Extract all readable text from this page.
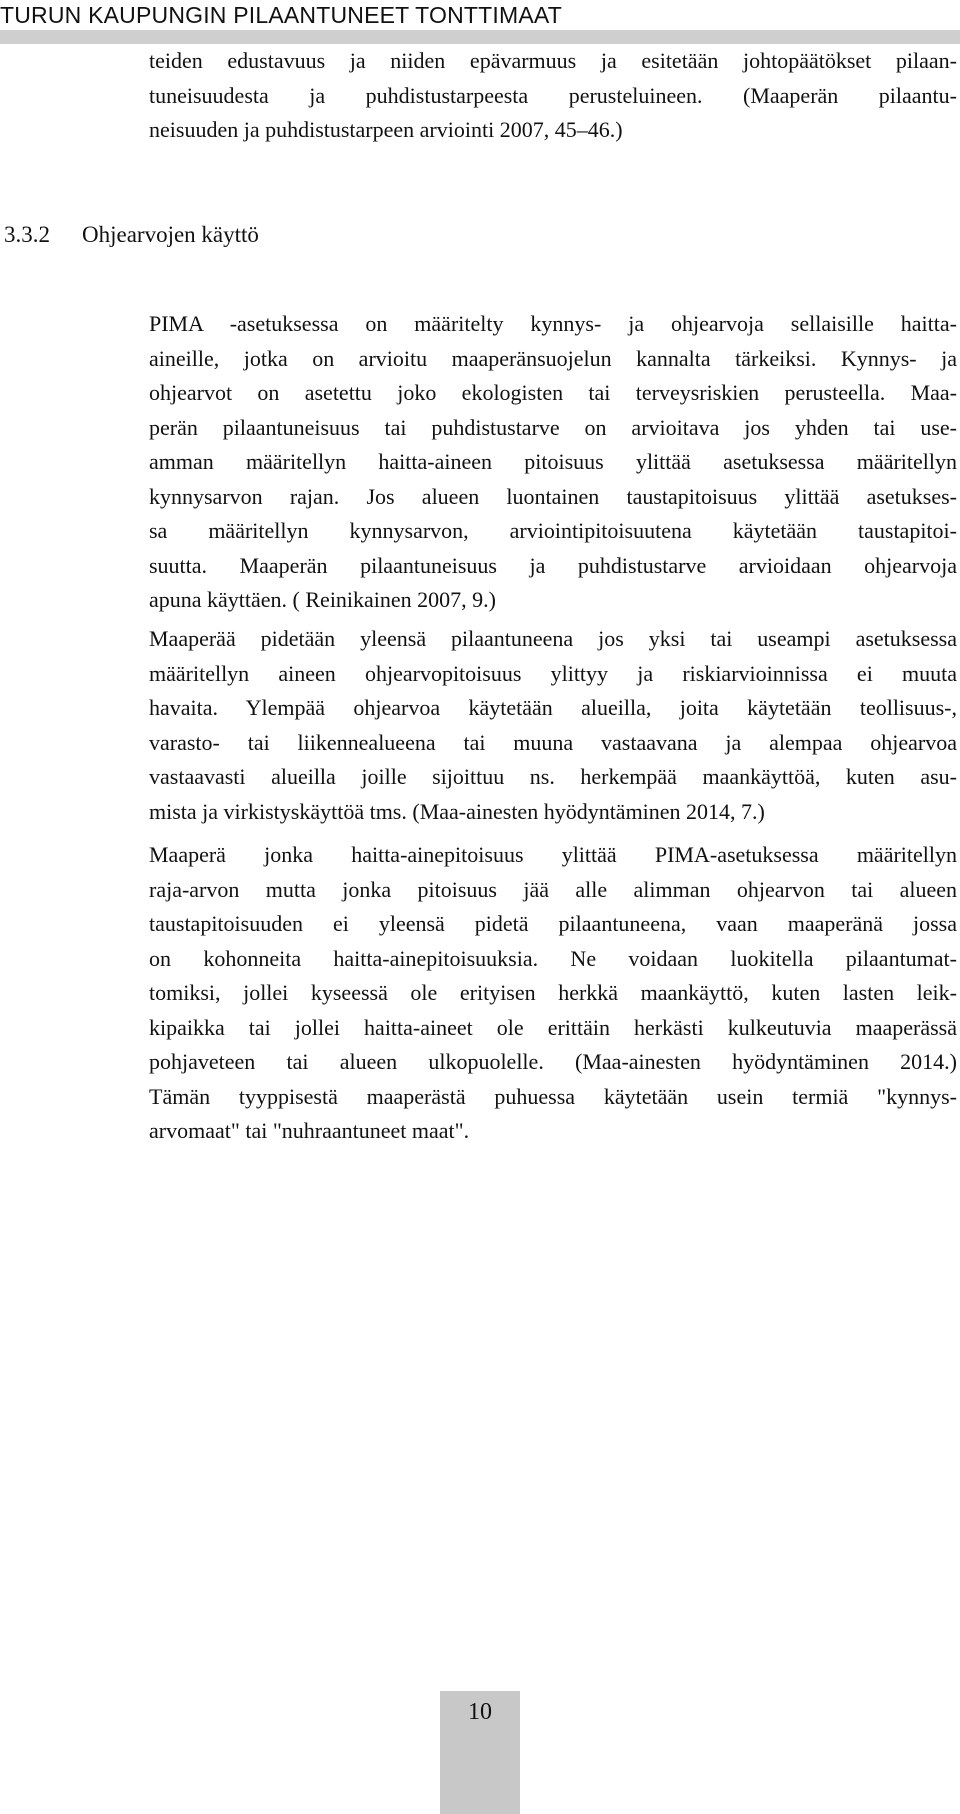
TURUN KAUPUNGIN PILAANTUNEET TONTTIMAAT
teiden edustavuus ja niiden epävarmuus ja esitetään johtopäätökset pilaan-
tuneisuudesta ja puhdistustarpeesta perusteluineen. (Maaperän pilaantu-
neisuuden ja puhdistustarpeen arviointi 2007, 45–46.)
3.3.2 Ohjearvojen käyttö
PIMA -asetuksessa on määritelty kynnys- ja ohjearvoja sellaisille haitta-
aineille, jotka on arvioitu maaperänsuojelun kannalta tärkeiksi. Kynnys- ja
ohjearvot on asetettu joko ekologisten tai terveysriskien perusteella. Maa-
perän pilaantuneisuus tai puhdistustarve on arvioitava jos yhden tai use-
amman määritellyn haitta-aineen pitoisuus ylittää asetuksessa määritellyn
kynnysarvon rajan. Jos alueen luontainen taustapitoisuus ylittää asetukses-
sa määritellyn kynnysarvon, arviointipitoisuutena käytetään taustapitoi-
suutta. Maaperän pilaantuneisuus ja puhdistustarve arvioidaan ohjearvoja
apuna käyttäen. ( Reinikainen 2007, 9.)
Maaperää pidetään yleensä pilaantuneena jos yksi tai useampi asetuksessa
määritellyn aineen ohjearvopitoisuus ylittyy ja riskiarvioinnissa ei muuta
havaita. Ylempää ohjearvoa käytetään alueilla, joita käytetään teollisuus-,
varasto- tai liikennealueena tai muuna vastaavana ja alempaa ohjearvoa
vastaavasti alueilla joille sijoittuu ns. herkempää maankäyttöä, kuten asu-
mista ja virkistyskäyttöä tms. (Maa-ainesten hyödyntäminen 2014, 7.)
Maaperä jonka haitta-ainepitoisuus ylittää PIMA-asetuksessa määritellyn
raja-arvon mutta jonka pitoisuus jää alle alimman ohjearvon tai alueen
taustapitoisuuden ei yleensä pidetä pilaantuneena, vaan maaperänä jossa
on kohonneita haitta-ainepitoisuuksia. Ne voidaan luokitella pilaantumat-
tomiksi, jollei kyseessä ole erityisen herkkä maankäyttö, kuten lasten leik-
kipaikka tai jollei haitta-aineet ole erittäin herkästi kulkeutuvia maaperässä
pohjaveteen tai alueen ulkopuolelle. (Maa-ainesten hyödyntäminen 2014.)
Tämän tyyppisestä maaperästä puhuessa käytetään usein termiä "kynnys-
arvomaat" tai "nuhraantuneet maat".
10
